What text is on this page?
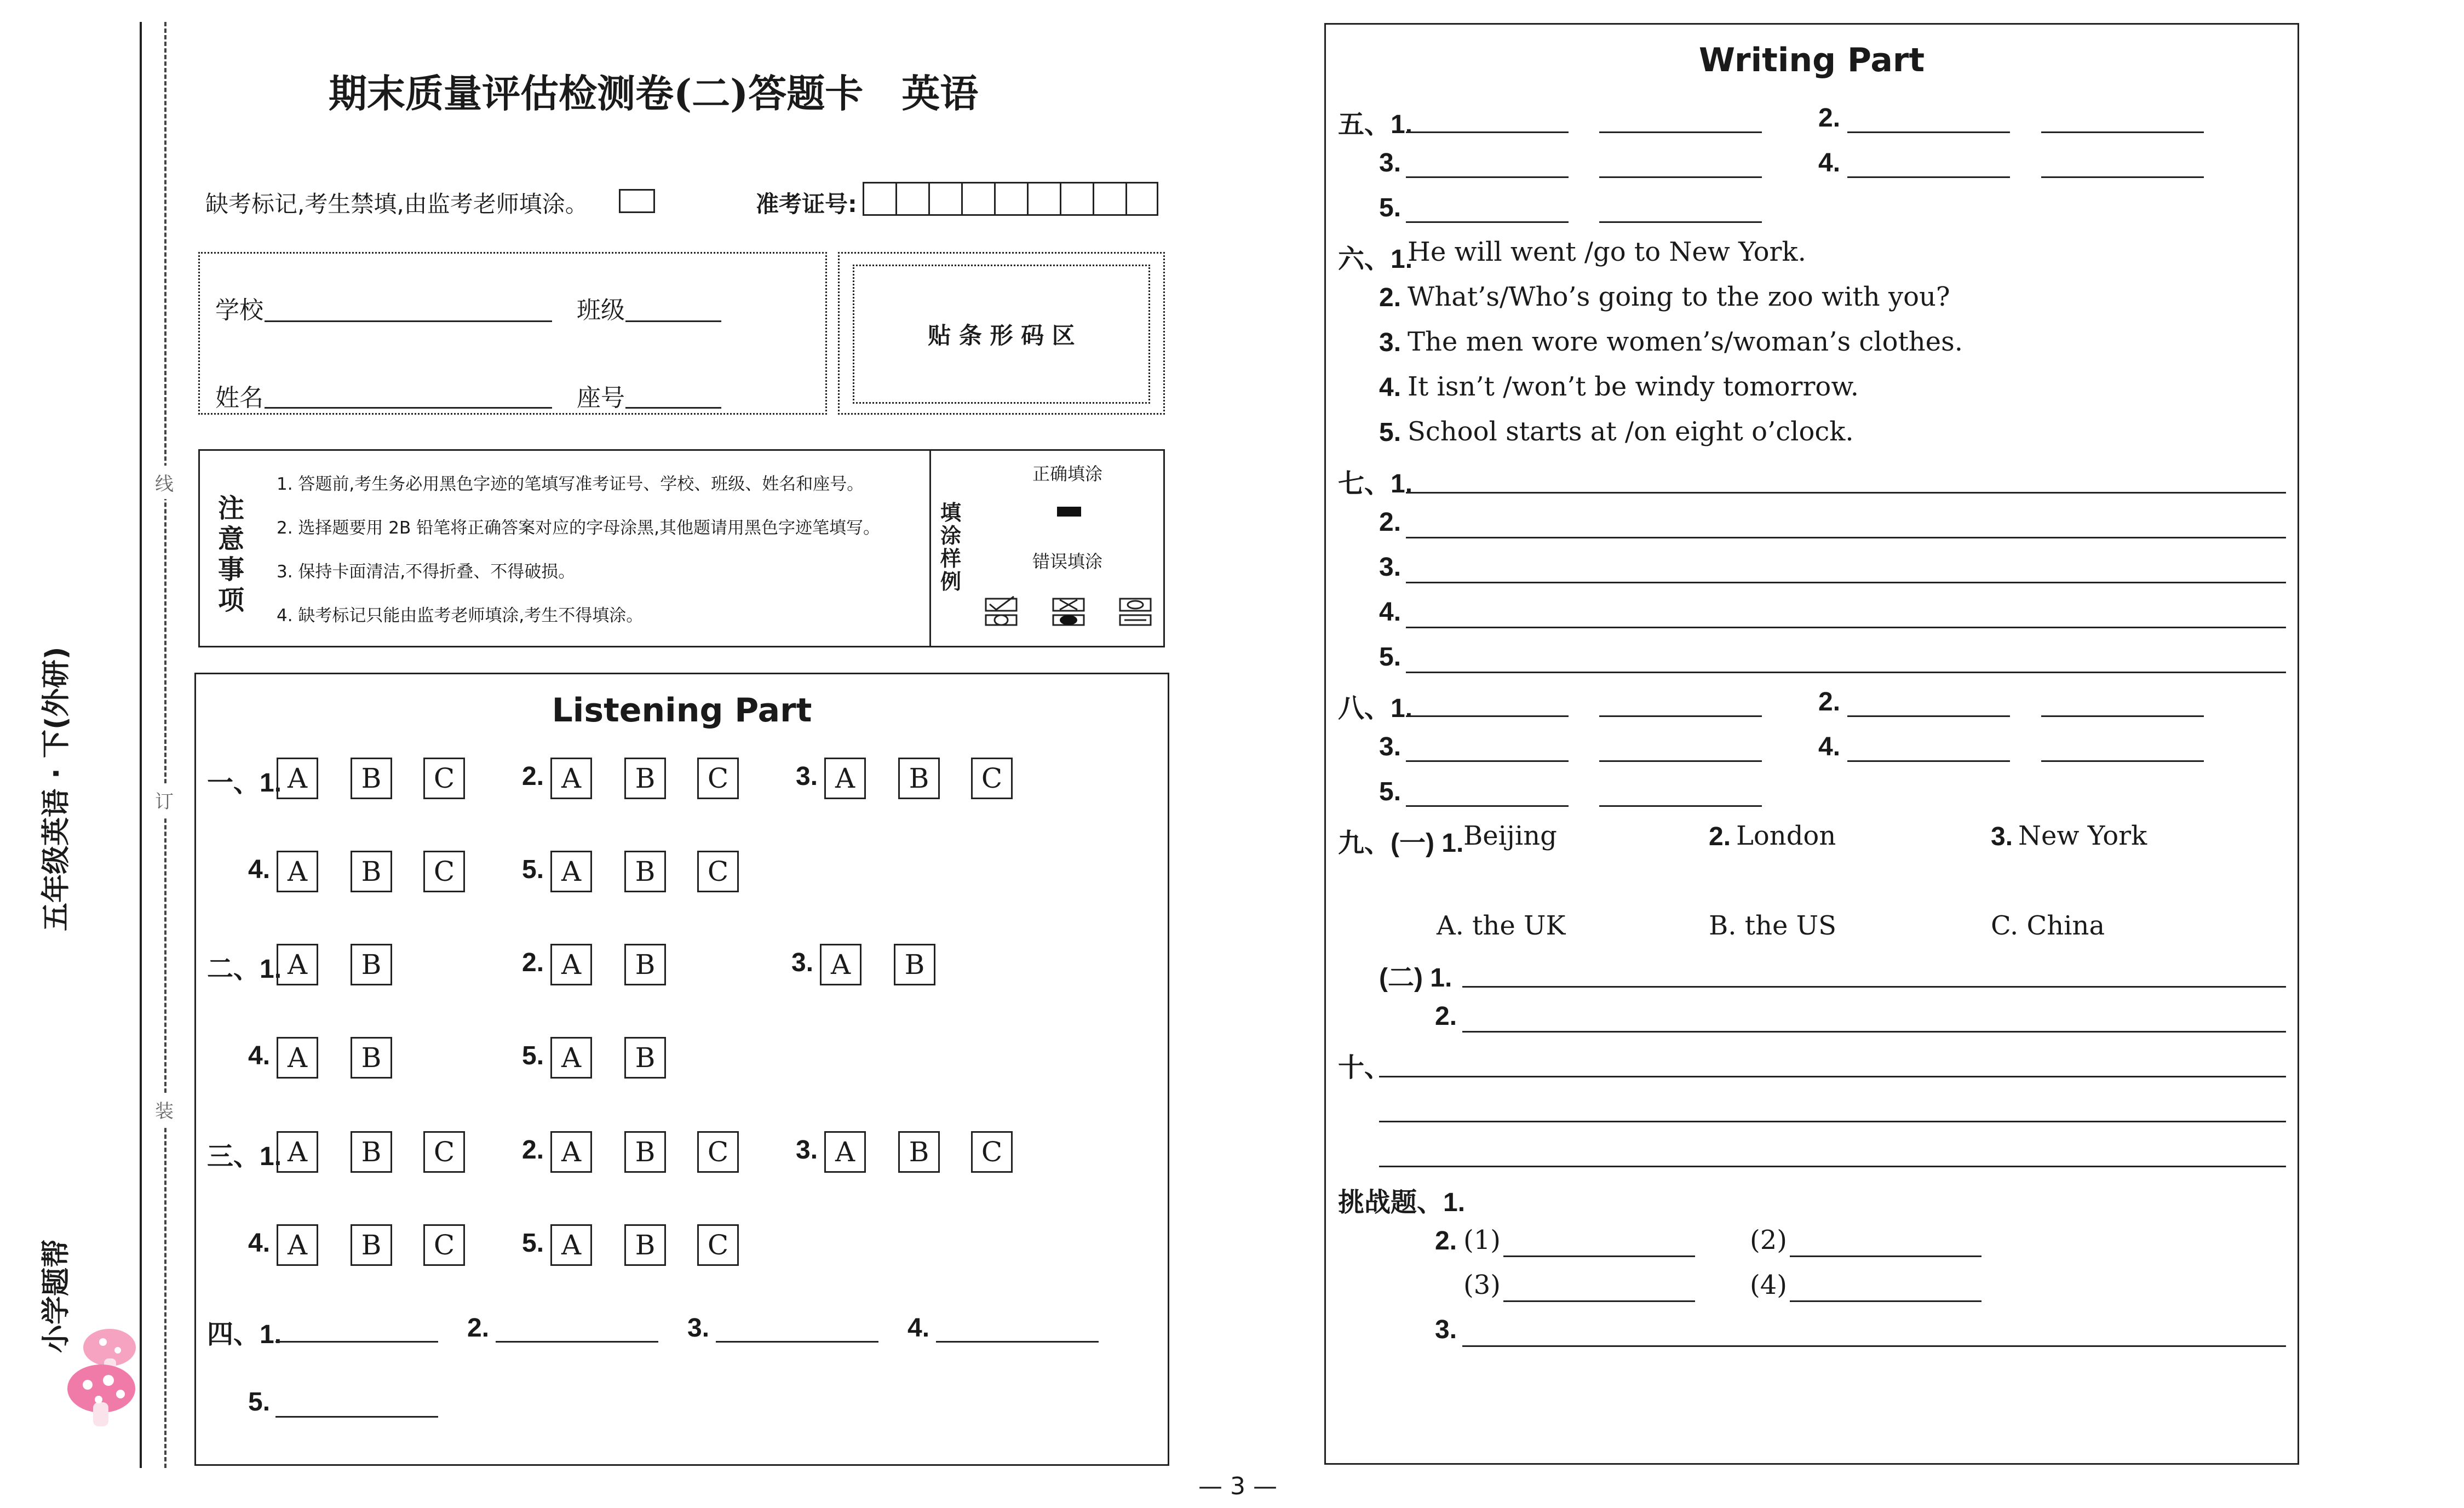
线
订
装
五年级英语 · 下(外研)
小学题帮
期末质量评估检测卷(二)答题卡　英语
缺考标记,考生禁填,由监考老师填涂。	准考证号:
学校	班级
姓名	座号
贴 条 形 码 区
注意事项
1. 答题前,考生务必用黑色字迹的笔填写准考证号、学校、班级、姓名和座号。
2. 选择题要用 2B 铅笔将正确答案对应的字母涂黑,其他题请用黑色字迹笔填写。
3. 保持卡面清洁,不得折叠、不得破损。
4. 缺考标记只能由监考老师填涂,考生不得填涂。
填涂样例
正确填涂
错误填涂
Listening Part
一、1. A	B	C	2. A	B	C	3. A	B	C
4. A	B	C	5. A	B	C
二、1. A	B	2. A	B	3. A	B
4. A	B	5. A	B
三、1. A	B	C	2. A	B	C	3. A	B	C
4. A	B	C	5. A	B	C
四、1.	2.	3.	4.
5.
Writing Part
五、1.	2.
3.	4.
5.
六、1.
He will went /go to New York.
2. What’s/Who’s going to the zoo with you?
3. The men wore women’s/woman’s clothes.
4. It isn’t /won’t be windy tomorrow.
5. School starts at /on eight o’clock.
七、1.
2.
3.
4.
5.
八、1.	2.
3.	4.
5.
九、(一) 1. Beijing	2. London	3. New York
A. the UK	B. the US	C. China
(二) 1.
2.
十、
挑战题、1.
2. (1)	(2)
(3)	(4)
3.
— 3 —
